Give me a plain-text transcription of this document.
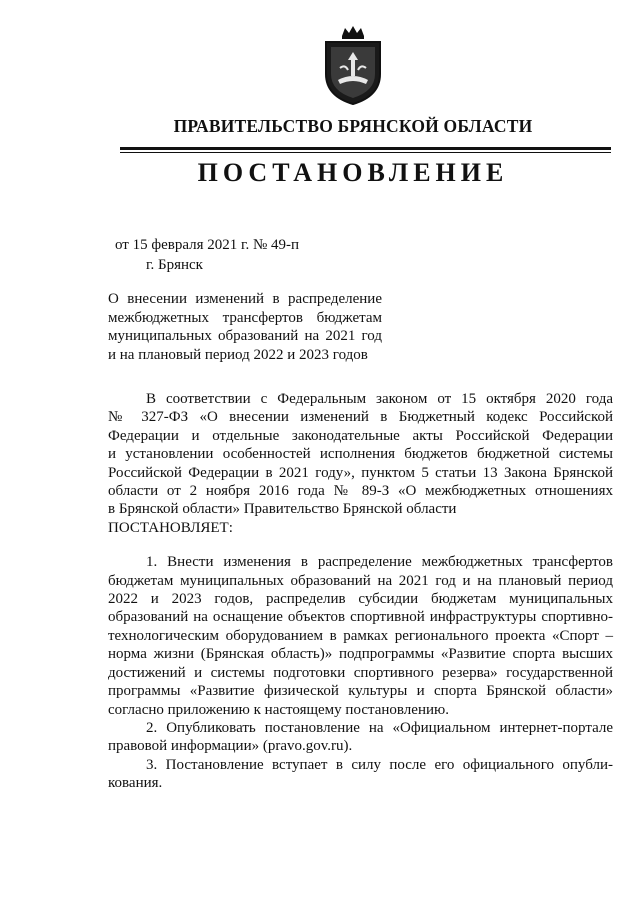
ПРАВИТЕЛЬСТВО БРЯНСКОЙ ОБЛАСТИ
ПОСТАНОВЛЕНИЕ
от 15 февраля 2021 г. № 49-п
г. Брянск
О внесении изменений в распределение
межбюджетных трансфертов бюджетам
муниципальных образований на 2021 год
и на плановый период 2022 и 2023 годов
В соответствии с Федеральным законом от 15 октября 2020 года
№ 327-ФЗ «О внесении изменений в Бюджетный кодекс Российской
Федерации и отдельные законодательные акты Российской Федерации
и установлении особенностей исполнения бюджетов бюджетной системы
Российской Федерации в 2021 году», пунктом 5 статьи 13 Закона Брянской
области от 2 ноября 2016 года № 89-З «О межбюджетных отношениях
в Брянской области» Правительство Брянской области
ПОСТАНОВЛЯЕТ:
1. Внести изменения в распределение межбюджетных трансфертов
бюджетам муниципальных образований на 2021 год и на плановый период
2022 и 2023 годов, распределив субсидии бюджетам муниципальных
образований на оснащение объектов спортивной инфраструктуры спортивно-
технологическим оборудованием в рамках регионального проекта «Спорт –
норма жизни (Брянская область)» подпрограммы «Развитие спорта высших
достижений и системы подготовки спортивного резерва» государственной
программы «Развитие физической культуры и спорта Брянской области»
согласно приложению к настоящему постановлению.
2. Опубликовать постановление на «Официальном интернет-портале
правовой информации» (pravo.gov.ru).
3. Постановление вступает в силу после его официального опубли-
кования.
